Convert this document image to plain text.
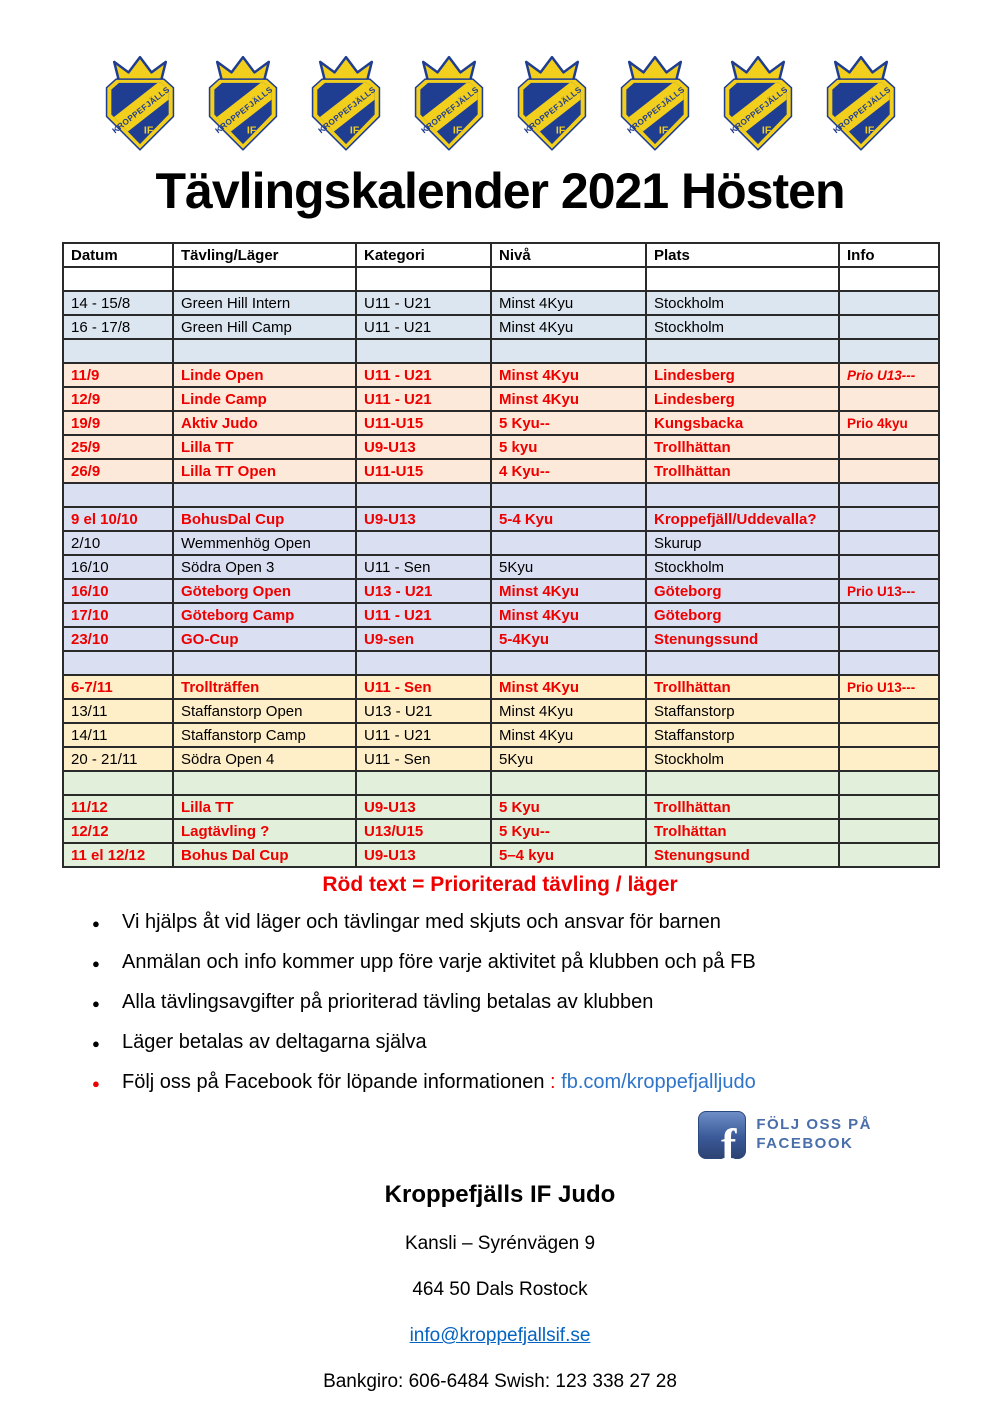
Tävlingskalender 2021 Hösten
Datum	Tävling/Läger	Kategori	Nivå	Plats	Info

14 - 15/8	Green Hill Intern	U11 - U21	Minst 4Kyu	Stockholm	
16 - 17/8	Green Hill Camp	U11 - U21	Minst 4Kyu	Stockholm	

11/9	Linde Open	U11 - U21	Minst 4Kyu	Lindesberg	Prio U13---
12/9	Linde Camp	U11 - U21	Minst 4Kyu	Lindesberg	
19/9	Aktiv Judo	U11-U15	5 Kyu--	Kungsbacka	Prio 4kyu
25/9	Lilla TT	U9-U13	5 kyu	Trollhättan	
26/9	Lilla TT Open	U11-U15	4 Kyu--	Trollhättan	

9 el 10/10	BohusDal Cup	U9-U13	5-4 Kyu	Kroppefjäll/Uddevalla?	
2/10	Wemmenhög Open			Skurup	
16/10	Södra Open 3	U11 - Sen	5Kyu	Stockholm	
16/10	Göteborg Open	U13 - U21	Minst 4Kyu	Göteborg	Prio U13---
17/10	Göteborg Camp	U11 - U21	Minst 4Kyu	Göteborg	
23/10	GO-Cup	U9-sen	5-4Kyu	Stenungssund	

6-7/11	Trollträffen	U11 - Sen	Minst 4Kyu	Trollhättan	Prio U13---
13/11	Staffanstorp Open	U13 - U21	Minst 4Kyu	Staffanstorp	
14/11	Staffanstorp Camp	U11 - U21	Minst 4Kyu	Staffanstorp	
20 - 21/11	Södra Open 4	U11 - Sen	5Kyu	Stockholm	

11/12	Lilla TT	U9-U13	5 Kyu	Trollhättan	
12/12	Lagtävling ?	U13/U15	5 Kyu--	Trolhättan	
11 el 12/12	Bohus Dal Cup	U9-U13	5–4 kyu	Stenungsund	
Röd text = Prioriterad tävling / läger
●	Vi hjälps åt vid läger och tävlingar med skjuts och ansvar för barnen
●	Anmälan och info kommer upp före varje aktivitet på klubben och på FB
●	Alla tävlingsavgifter på prioriterad tävling betalas av klubben
●	Läger betalas av deltagarna själva
●	Följ oss på Facebook för löpande informationen : fb.com/kroppefjalljudo
f FÖLJ OSS PÅ
FACEBOOK
Kroppefjälls IF Judo
Kansli – Syrénvägen 9
464 50 Dals Rostock
info@kroppefjallsif.se
Bankgiro: 606-6484 Swish: 123 338 27 28
